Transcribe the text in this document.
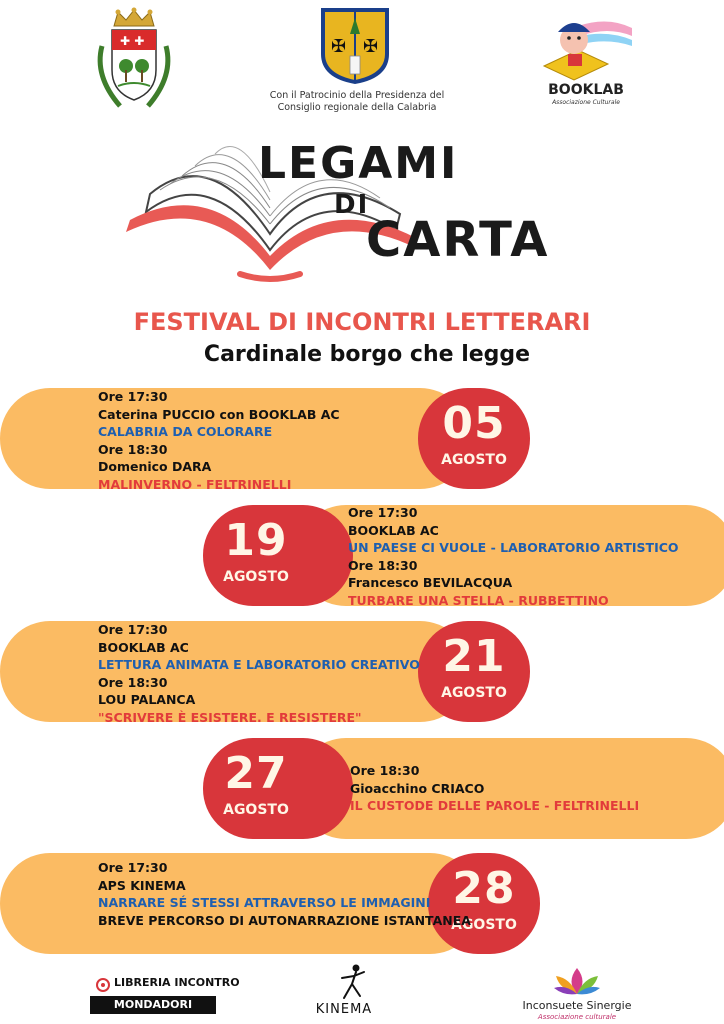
✚ ✚	✠ ✠
Con il Patrocinio della Presidenza del
Consiglio regionale della Calabria
BOOKLAB
Associazione Culturale
LEGAMI
DI
CARTA
FESTIVAL DI INCONTRI LETTERARI
Cardinale borgo che legge
05
AGOSTO
Ore 17:30
Caterina PUCCIO con BOOKLAB AC
CALABRIA DA COLORARE
Ore 18:30
Domenico DARA
MALINVERNO - FELTRINELLI
19
AGOSTO
Ore 17:30
BOOKLAB AC
UN PAESE CI VUOLE - LABORATORIO ARTISTICO
Ore 18:30
Francesco BEVILACQUA
TURBARE UNA STELLA - RUBBETTINO
21
AGOSTO
Ore 17:30
BOOKLAB AC
LETTURA ANIMATA E LABORATORIO CREATIVO
Ore 18:30
LOU PALANCA
"SCRIVERE È ESISTERE. E RESISTERE"
27
AGOSTO
Ore 18:30
Gioacchino CRIACO
IL CUSTODE DELLE PAROLE - FELTRINELLI
28
AGOSTO
Ore 17:30
APS KINEMA
NARRARE SÉ STESSI ATTRAVERSO LE IMMAGINI
BREVE PERCORSO DI AUTONARRAZIONE ISTANTANEA
LIBRERIA INCONTRO
MONDADORI	KINEMA	Inconsuete Sinergie
Associazione culturale
